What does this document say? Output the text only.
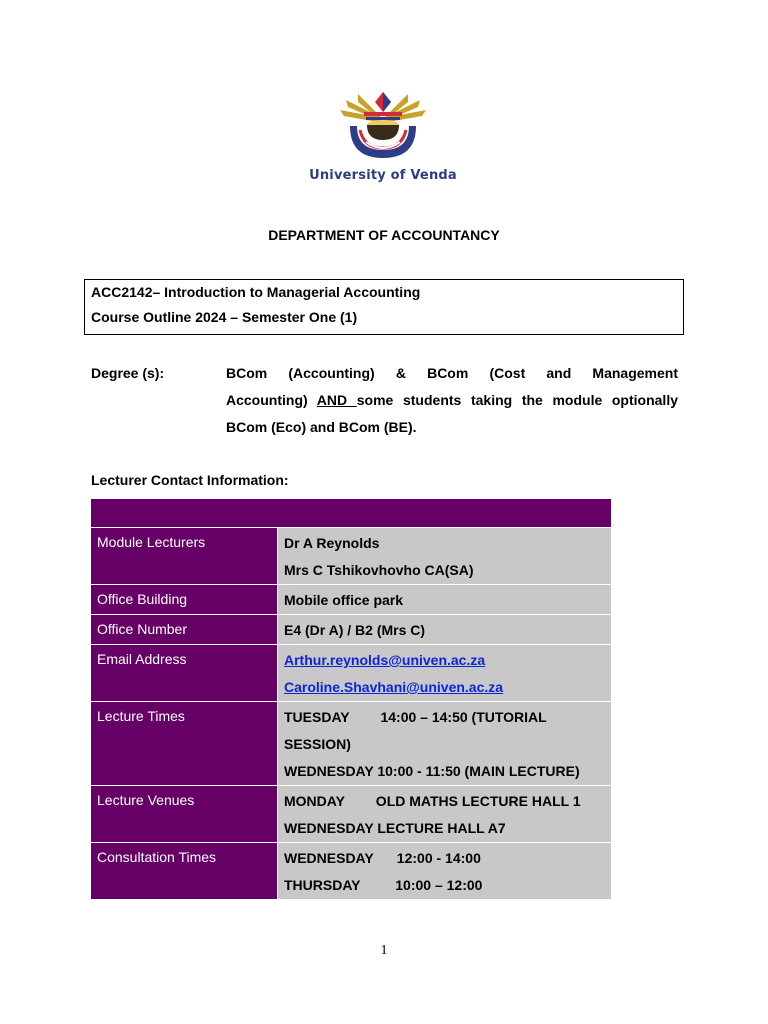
University of Venda
DEPARTMENT OF ACCOUNTANCY
ACC2142– Introduction to Managerial Accounting
Course Outline 2024 – Semester One (1)
Degree (s):	BCom (Accounting) & BCom (Cost and Management
Accounting) AND some students taking the module optionally
BCom (Eco) and BCom (BE).
Lecturer Contact Information:

Module Lecturers	Dr A Reynolds
Mrs C Tshikovhovho CA(SA)

Office Building	Mobile office park

Office Number	E4 (Dr A) / B2 (Mrs C)

Email Address	Arthur.reynolds@univen.ac.za
Caroline.Shavhani@univen.ac.za

Lecture Times	TUESDAY        14:00 – 14:50 (TUTORIAL
SESSION)
WEDNESDAY 10:00 - 11:50 (MAIN LECTURE)

Lecture Venues	MONDAY        OLD MATHS LECTURE HALL 1
WEDNESDAY LECTURE HALL A7

Consultation Times	WEDNESDAY      12:00 - 14:00
THURSDAY         10:00 – 12:00
1
